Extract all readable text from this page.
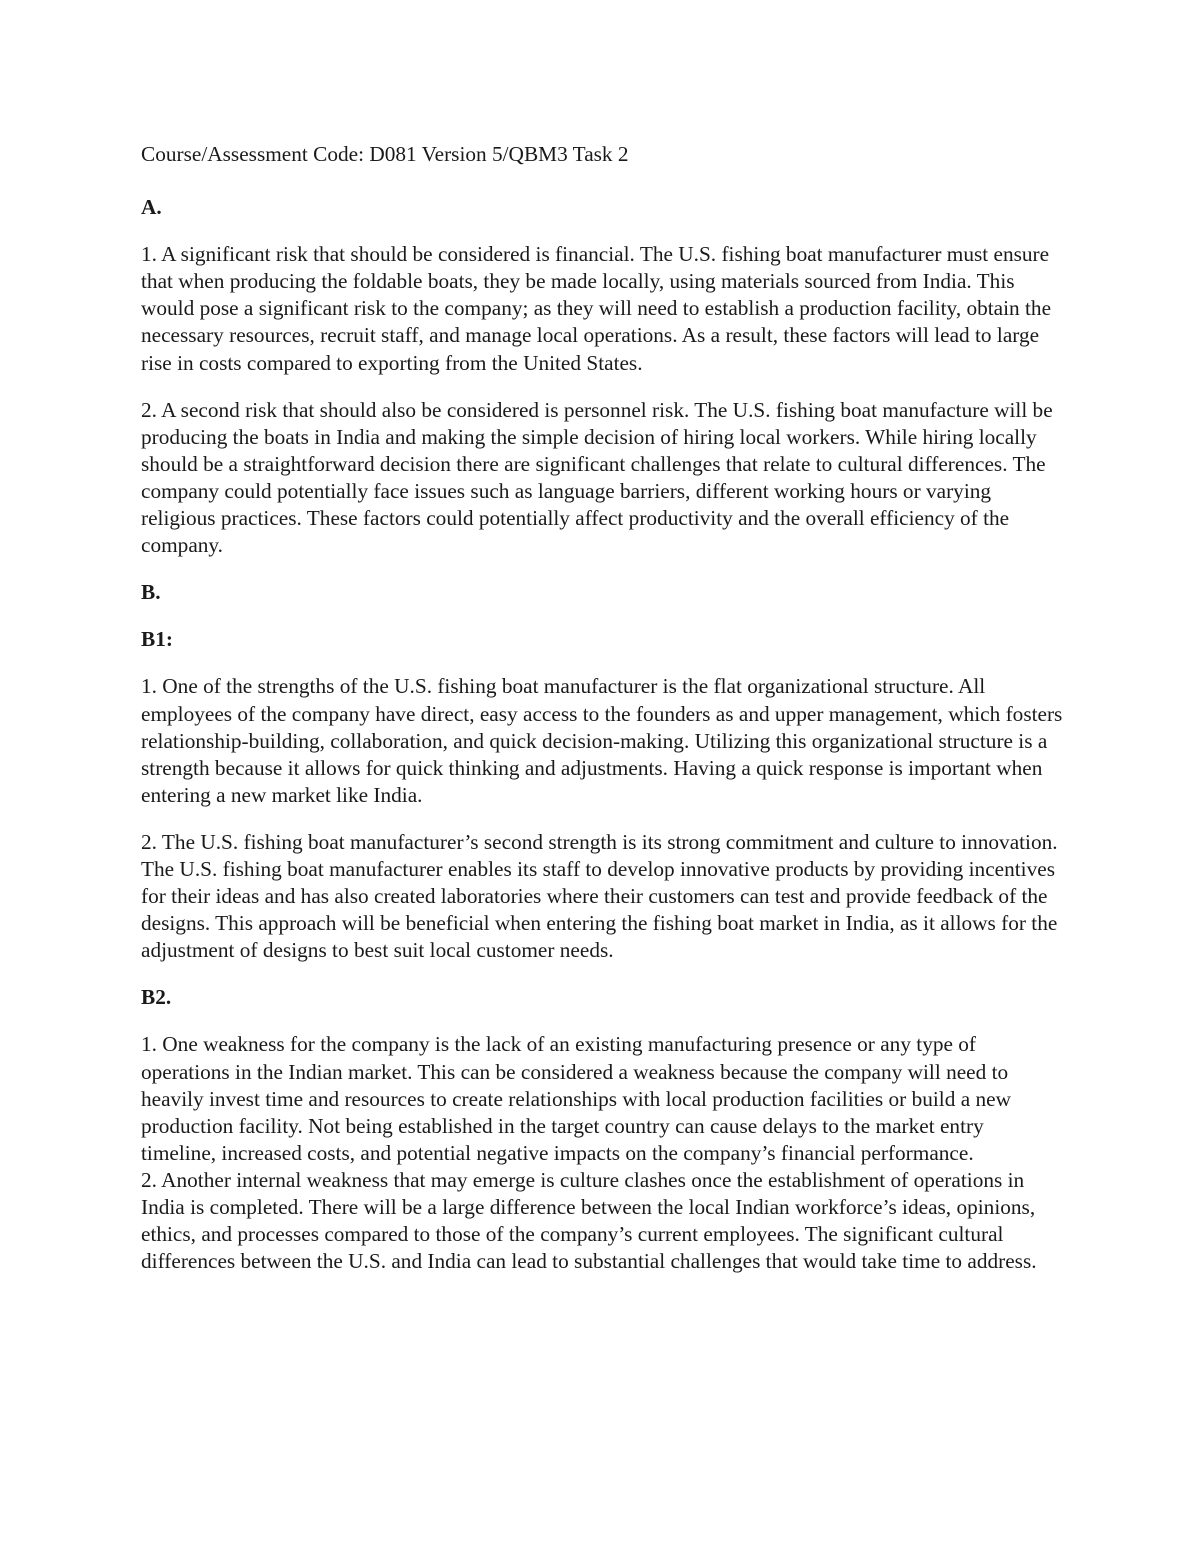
Course/Assessment Code: D081 Version 5/QBM3 Task 2

A.

1. A significant risk that should be considered is financial. The U.S. fishing boat manufacturer must ensure that when producing the foldable boats, they be made locally, using materials sourced from India. This would pose a significant risk to the company; as they will need to establish a production facility, obtain the necessary resources, recruit staff, and manage local operations. As a result, these factors will lead to large rise in costs compared to exporting from the United States.

2. A second risk that should also be considered is personnel risk. The U.S. fishing boat manufacture will be producing the boats in India and making the simple decision of hiring local workers. While hiring locally should be a straightforward decision there are significant challenges that relate to cultural differences. The company could potentially face issues such as language barriers, different working hours or varying religious practices. These factors could potentially affect productivity and the overall efficiency of the company.

B.

B1:

1. One of the strengths of the U.S. fishing boat manufacturer is the flat organizational structure. All employees of the company have direct, easy access to the founders as and upper management, which fosters relationship-building, collaboration, and quick decision-making. Utilizing this organizational structure is a strength because it allows for quick thinking and adjustments. Having a quick response is important when entering a new market like India.

2. The U.S. fishing boat manufacturer’s second strength is its strong commitment and culture to innovation. The U.S. fishing boat manufacturer enables its staff to develop innovative products by providing incentives for their ideas and has also created laboratories where their customers can test and provide feedback of the designs. This approach will be beneficial when entering the fishing boat market in India, as it allows for the adjustment of designs to best suit local customer needs.

B2.

1. One weakness for the company is the lack of an existing manufacturing presence or any type of operations in the Indian market. This can be considered a weakness because the company will need to heavily invest time and resources to create relationships with local production facilities or build a new production facility. Not being established in the target country can cause delays to the market entry timeline, increased costs, and potential negative impacts on the company’s financial performance.

2. Another internal weakness that may emerge is culture clashes once the establishment of operations in India is completed. There will be a large difference between the local Indian workforce’s ideas, opinions, ethics, and processes compared to those of the company’s current employees. The significant cultural differences between the U.S. and India can lead to substantial challenges that would take time to address.
